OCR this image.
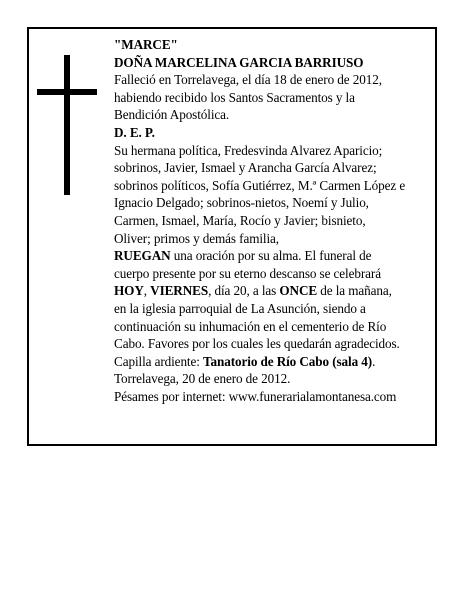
"MARCE"
DOÑA MARCELINA GARCIA BARRIUSO
Falleció en Torrelavega, el día 18 de enero de 2012,
habiendo recibido los Santos Sacramentos y la
Bendición Apostólica.
D. E. P.
Su hermana política, Fredesvinda Alvarez Aparicio;
sobrinos, Javier, Ismael y Arancha García Alvarez;
sobrinos políticos, Sofía Gutiérrez, M.ª Carmen López e
Ignacio Delgado; sobrinos-nietos, Noemí y Julio,
Carmen, Ismael, María, Rocío y Javier; bisnieto,
Oliver; primos y demás familia,
RUEGAN una oración por su alma. El funeral de
cuerpo presente por su eterno descanso se celebrará
HOY, VIERNES, día 20, a las ONCE de la mañana,
en la iglesia parroquial de La Asunción, siendo a
continuación su inhumación en el cementerio de Río
Cabo. Favores por los cuales les quedarán agradecidos.
Capilla ardiente: Tanatorio de Río Cabo (sala 4).
Torrelavega, 20 de enero de 2012.
Pésames por internet: www.funerarialamontanesa.com
